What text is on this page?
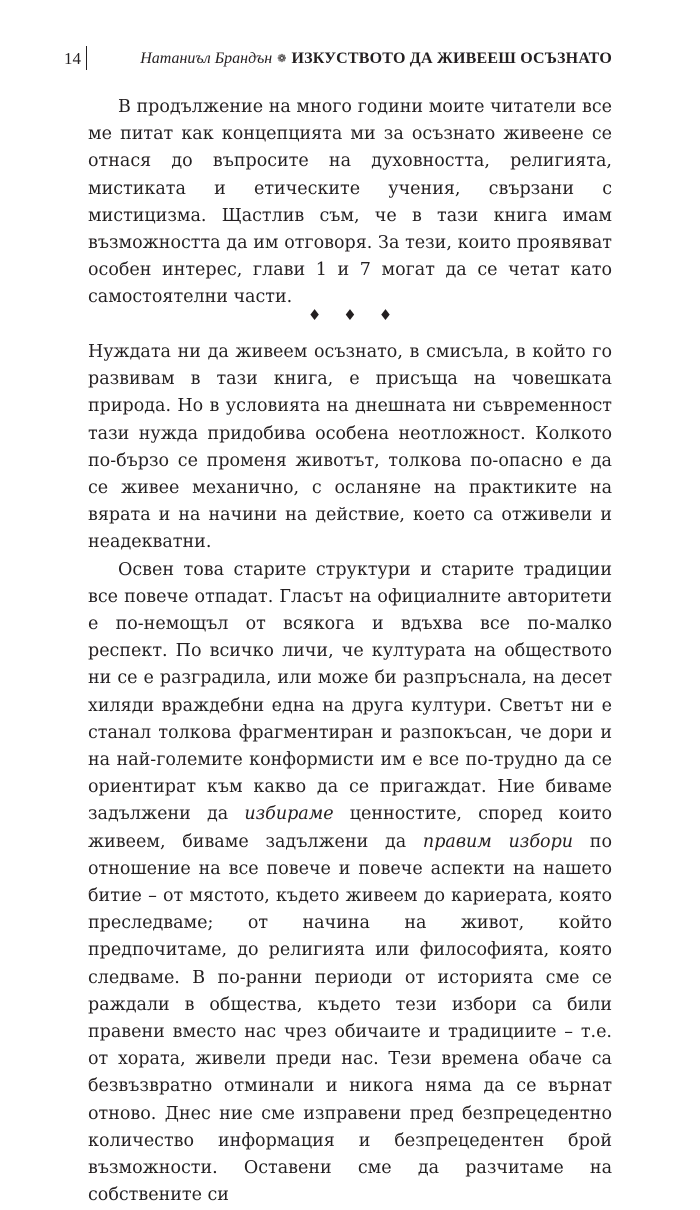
14	Натаниъл Брандън ❁ ИЗКУСТВОТО ДА ЖИВЕЕШ ОСЪЗНАТО

В продължение на много години моите читатели все ме питат как концепцията ми за осъзнато живеене се отнася до въпросите на духовността, религията, мистиката и етическите учения, свързани с мистицизма. Щастлив съм, че в тази книга имам възможността да им отговоря. За тези, които проявяват особен интерес, глави 1 и 7 могат да се четат като самостоятелни части.

♦♦♦

Нуждата ни да живеем осъзнато, в смисъла, в който го развивам в тази книга, е присъща на човешката природа. Но в условията на днешната ни съвременност тази нужда придобива особена неотложност. Колкото по-бързо се променя животът, толкова по-опасно е да се живее механично, с осланяне на практиките на вярата и на начини на действие, което са отживели и неадекватни.

Освен това старите структури и старите традиции все повече отпадат. Гласът на официалните авторитети е по-немощъл от всякога и вдъхва все по-малко респект. По всичко личи, че културата на обществото ни се е разградила, или може би разпръснала, на десет хиляди враждебни една на друга култури. Светът ни е станал толкова фрагментиран и разпокъсан, че дори и на най-големите конформисти им е все по-трудно да се ориентират към какво да се пригаждат. Ние биваме задължени да избираме ценностите, според които живеем, биваме задължени да правим избори по отношение на все повече и повече аспекти на нашето битие – от мястото, където живеем до кариерата, която преследваме; от начина на живот, който предпочитаме, до религията или философията, която следваме. В по-ранни периоди от историята сме се раждали в общества, където тези избори са били правени вместо нас чрез обичаите и традициите – т.е. от хората, живели преди нас. Тези времена обаче са безвъзвратно отминали и никога няма да се върнат отново. Днес ние сме изправени пред безпрецедентно количество информация и безпрецедентен брой възможности. Оставени сме да разчитаме на собствените си
